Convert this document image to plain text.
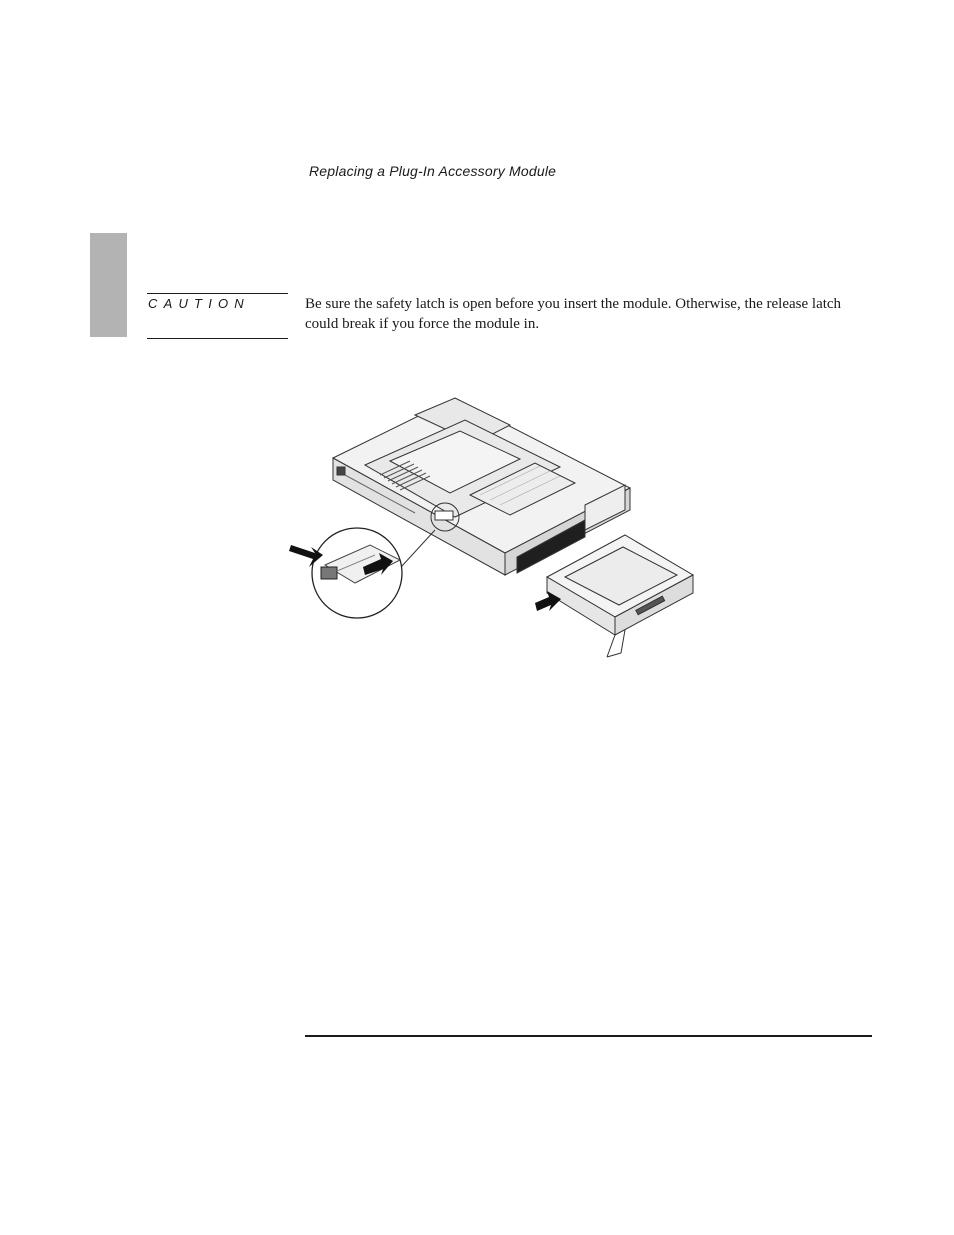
Replacing a Plug-In Accessory Module
CAUTION	Be sure the safety latch is open before you insert the module. Otherwise, the release latch could break if you force the module in.
